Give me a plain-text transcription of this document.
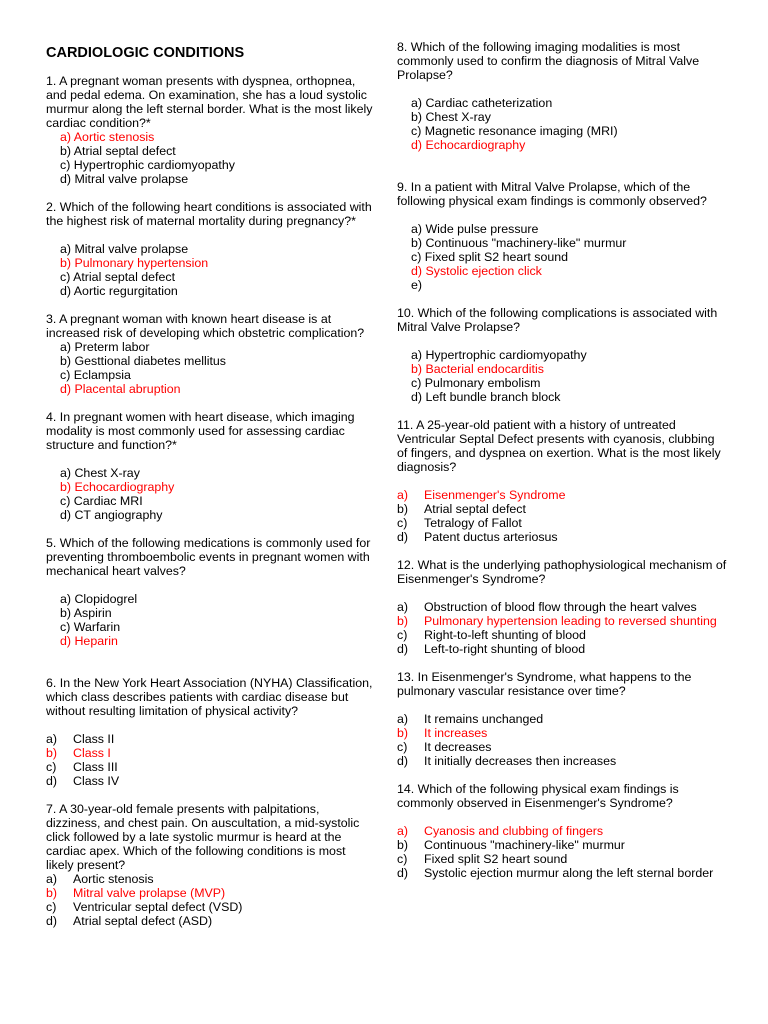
CARDIOLOGIC CONDITIONS
1. A pregnant woman presents with dyspnea, orthopnea, and pedal edema. On examination, she has a loud systolic murmur along the left sternal border. What is the most likely cardiac condition?*
a) Aortic stenosis
b) Atrial septal defect
c) Hypertrophic cardiomyopathy
d) Mitral valve prolapse
2. Which of the following heart conditions is associated with the highest risk of maternal mortality during pregnancy?*
a) Mitral valve prolapse
b) Pulmonary hypertension
c) Atrial septal defect
d) Aortic regurgitation
3. A pregnant woman with known heart disease is at increased risk of developing which obstetric complication?
a) Preterm labor
b) Gesttional diabetes mellitus
c) Eclampsia
d) Placental abruption
4. In pregnant women with heart disease, which imaging modality is most commonly used for assessing cardiac structure and function?*
a) Chest X-ray
b) Echocardiography
c) Cardiac MRI
d) CT angiography
5. Which of the following medications is commonly used for preventing thromboembolic events in pregnant women with mechanical heart valves?
a) Clopidogrel
b) Aspirin
c) Warfarin
d) Heparin
6. In the New York Heart Association (NYHA) Classification, which class describes patients with cardiac disease but without resulting limitation of physical activity?
a) Class II
b) Class I
c) Class III
d) Class IV
7. A 30-year-old female presents with palpitations, dizziness, and chest pain. On auscultation, a mid-systolic click followed by a late systolic murmur is heard at the cardiac apex. Which of the following conditions is most likely present?
a) Aortic stenosis
b) Mitral valve prolapse (MVP)
c) Ventricular septal defect (VSD)
d) Atrial septal defect (ASD)
8. Which of the following imaging modalities is most commonly used to confirm the diagnosis of Mitral Valve Prolapse?
a) Cardiac catheterization
b) Chest X-ray
c) Magnetic resonance imaging (MRI)
d) Echocardiography
9. In a patient with Mitral Valve Prolapse, which of the following physical exam findings is commonly observed?
a) Wide pulse pressure
b) Continuous "machinery-like" murmur
c) Fixed split S2 heart sound
d) Systolic ejection click
e)
10. Which of the following complications is associated with Mitral Valve Prolapse?
a) Hypertrophic cardiomyopathy
b) Bacterial endocarditis
c) Pulmonary embolism
d) Left bundle branch block
11. A 25-year-old patient with a history of untreated Ventricular Septal Defect presents with cyanosis, clubbing of fingers, and dyspnea on exertion. What is the most likely diagnosis?
a) Eisenmenger's Syndrome
b) Atrial septal defect
c) Tetralogy of Fallot
d) Patent ductus arteriosus
12. What is the underlying pathophysiological mechanism of Eisenmenger's Syndrome?
a) Obstruction of blood flow through the heart valves
b) Pulmonary hypertension leading to reversed shunting
c) Right-to-left shunting of blood
d) Left-to-right shunting of blood
13. In Eisenmenger's Syndrome, what happens to the pulmonary vascular resistance over time?
a) It remains unchanged
b) It increases
c) It decreases
d) It initially decreases then increases
14. Which of the following physical exam findings is commonly observed in Eisenmenger's Syndrome?
a) Cyanosis and clubbing of fingers
b) Continuous "machinery-like" murmur
c) Fixed split S2 heart sound
d) Systolic ejection murmur along the left sternal border
